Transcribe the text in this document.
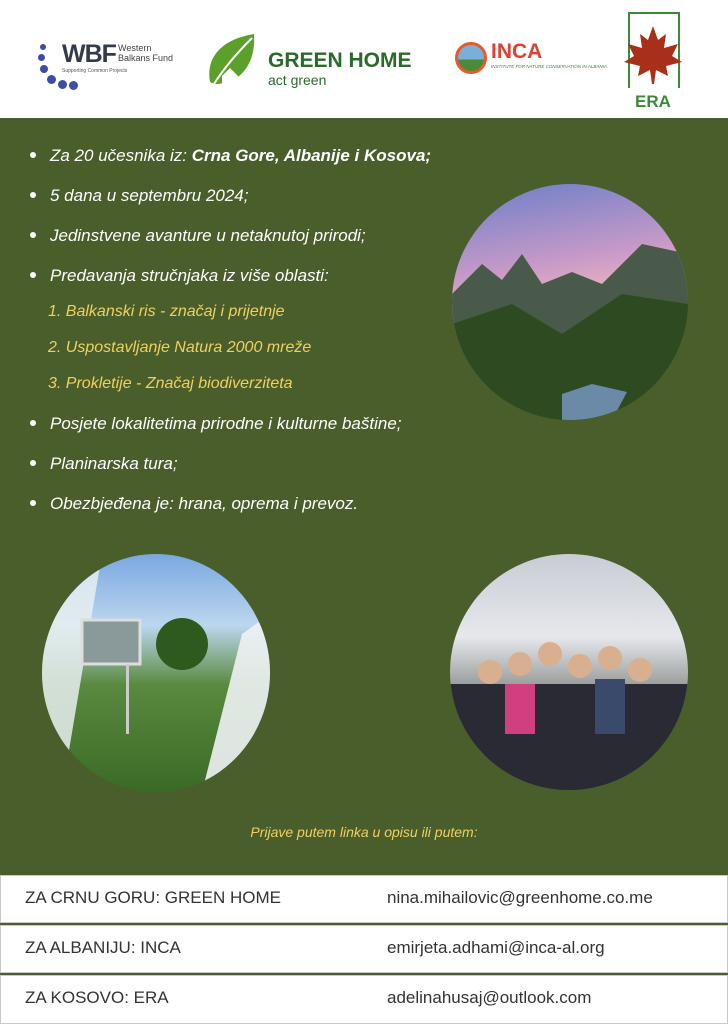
WBF Western Balkans Fund
Supporting Common Projects	GREEN HOME
act green
INCA
INSTITUTE FOR NATURE CONSERVATION IN ALBANIA
ERA
Za 20 učesnika iz: Crna Gore, Albanije i Kosova;
5 dana u septembru 2024;
Jedinstvene avanture u netaknutoj prirodi;
Predavanja stručnjaka iz više oblasti:
1. Balkanski ris - značaj i prijetnje
2. Uspostavljanje Natura 2000 mreže
3. Prokletije - Značaj biodiverziteta
Posjete lokalitetima prirodne i kulturne baštine;
Planinarska tura;
Obezbjeđena je: hrana, oprema i prevoz.
Prijave putem linka u opisu ili putem:
ZA CRNU GORU: GREEN HOME	nina.mihailovic@greenhome.co.me
ZA ALBANIJU: INCA	emirjeta.adhami@inca-al.org
ZA KOSOVO: ERA	adelinahusaj@outlook.com
